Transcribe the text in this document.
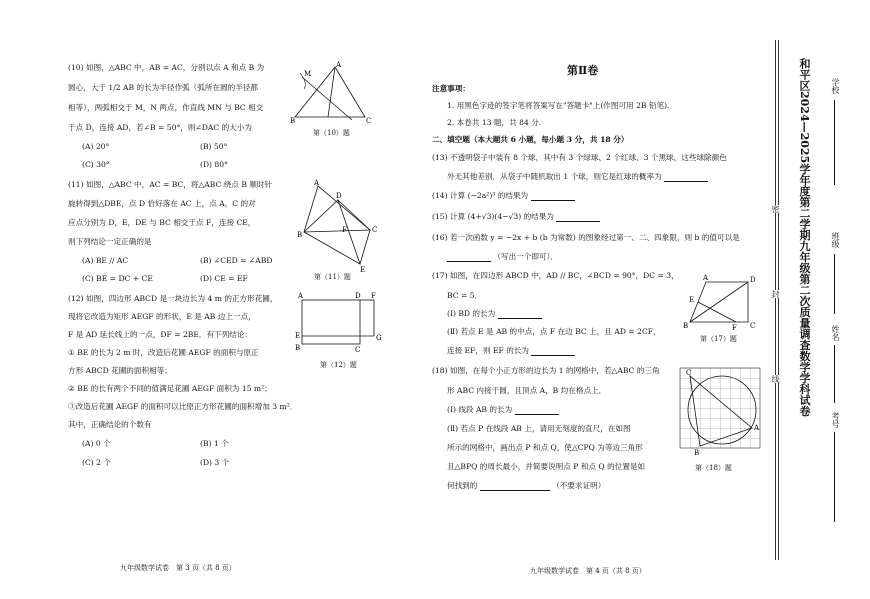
(10) 如图，△ABC 中，AB = AC，分别以点 A 和点 B 为
圆心，大于 1/2 AB 的长为半径作弧（弧所在圆的半径都
相等），两弧相交于 M，N 两点，作直线 MN 与 BC 相交
于点 D，连接 AD，若∠B = 50°，则∠DAC 的大小为
(A) 20°	(B) 50°
(C) 30°	(D) 80°
M
A
B	C
第（10）题
(11) 如图，△ABC 中，AC = BC，将△ABC 绕点 B 顺时针
旋转得到△DBE，点 D 恰好落在 AC 上，点 A，C 的对
应点分别为 D，E，DE 与 BC 相交于点 F，连接 CE，
则下列结论一定正确的是
(A) BE // AC	(B) ∠CED = ∠ABD
(C) BE = DC + CE	(D) CE = EF
A
D
B
C
F
E
第（11）题
(12) 如图，四边形 ABCD 是一块边长为 4 m 的正方形花圃，
现将它改造为矩形 AEGF 的形状，E 是 AB 边上一点，
F 是 AD 延长线上的一点，DF = 2BE．有下列结论：
① BE 的长为 2 m 时，改造后花圃 AEGF 的面积与原正
方形 ABCD 花圃的面积相等；
② BE 的长有两个不同的值满足花圃 AEGF 面积为 15 m²；
③改造后花圃 AEGF 的面积可以比原正方形花圃的面积增加 3 m²．
其中，正确结论的个数有
(A) 0 个	(B) 1 个
(C) 2 个	(D) 3 个
A	D F
E
B	C
G
第（12）题
九年级数学试卷　第 3 页（共 8 页）
第Ⅱ卷
注意事项：
1. 用黑色字迹的签字笔将答案写在"答题卡"上(作图可用 2B 铅笔).
2. 本卷共 13 题，共 84 分.
二、填空题（本大题共 6 小题，每小题 3 分，共 18 分）
(13) 不透明袋子中装有 8 个球，其中有 3 个绿球、2 个红球、3 个黑球，这些球除颜色
外无其他差别．从袋子中随机取出 1 个球，则它是红球的概率为
(14) 计算 (−2a²)³ 的结果为
(15) 计算 (4+√3)(4−√3) 的结果为
(16) 若一次函数 y = −2x + b (b 为常数) 的图象经过第一、二、四象限，则 b 的值可以是
（写出一个即可）．
(17) 如图，在四边形 ABCD 中，AD // BC，∠BCD = 90°，DC = 3，
BC = 5．
(Ⅰ) BD 的长为
(Ⅱ) 若点 E 是 AB 的中点，点 F 在边 BC 上，且 AD = 2CF，
连接 EF，则 EF 的长为
A	D
E
B	F C
第（17）题
(18) 如图，在每个小正方形的边长为 1 的网格中，若△ABC 的三角
形 ABC 内接于圆，且顶点 A，B 均在格点上．
(Ⅰ) 线段 AB 的长为
(Ⅱ) 若点 P 在线段 AB 上，请用无刻度的直尺，在如图
所示的网格中，画出点 P 和点 Q，使△CPQ 为等边三角形
且△BPQ 的周长最小，并简要说明点 P 和点 Q 的位置是如
何找到的	（不要求证明）
C
B
A
第（18）题
九年级数学试卷　第 4 页（共 8 页）
密
封
线 和平区2024—2025学年度第二学期九年级第二次质量调查数学学科试卷	学校
班级
姓名
考号
